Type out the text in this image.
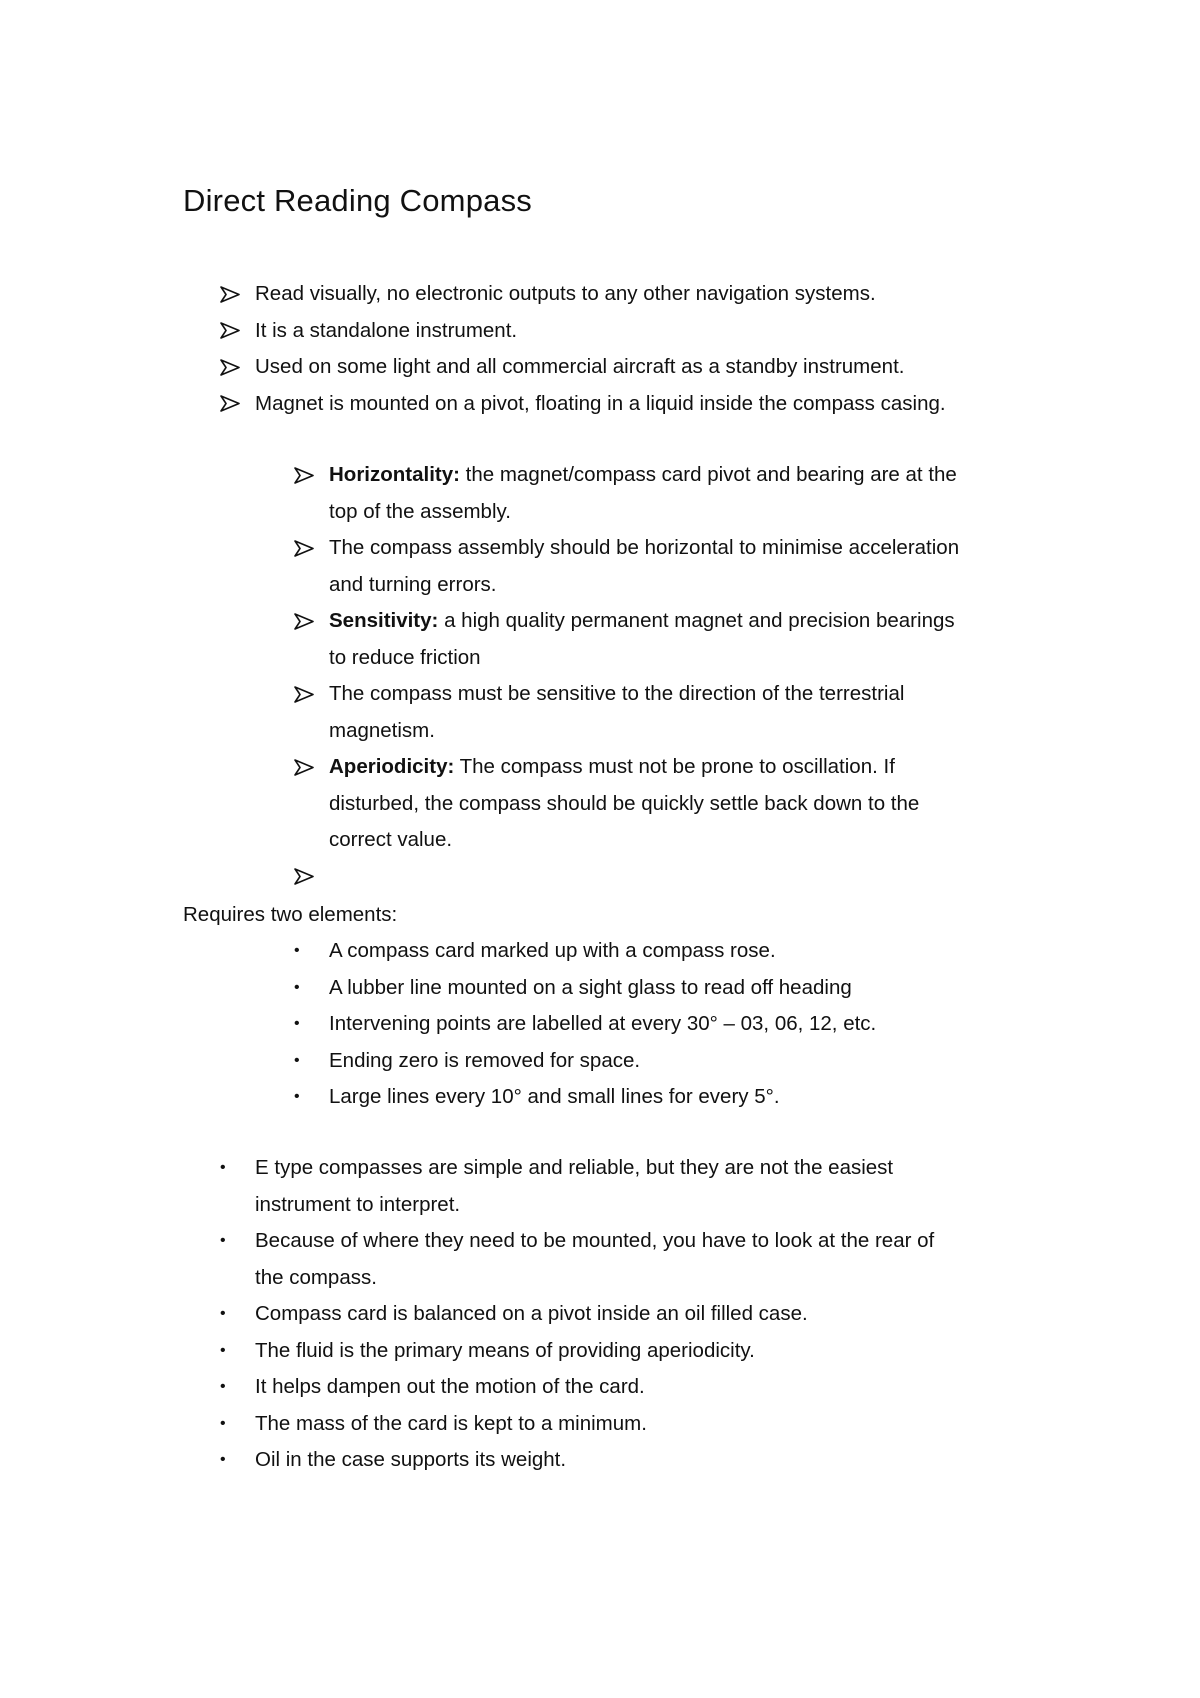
Direct Reading Compass
Read visually, no electronic outputs to any other navigation systems.
It is a standalone instrument.
Used on some light and all commercial aircraft as a standby instrument.
Magnet is mounted on a pivot, floating in a liquid inside the compass casing.
Horizontality: the magnet/compass card pivot and bearing are at the
top of the assembly.
The compass assembly should be horizontal to minimise acceleration
and turning errors.
Sensitivity: a high quality permanent magnet and precision bearings
to reduce friction
The compass must be sensitive to the direction of the terrestrial
magnetism.
Aperiodicity: The compass must not be prone to oscillation. If
disturbed, the compass should be quickly settle back down to the
correct value.

Requires two elements:

•	A compass card marked up with a compass rose.
•	A lubber line mounted on a sight glass to read off heading
•	Intervening points are labelled at every 30° – 03, 06, 12, etc.
•	Ending zero is removed for space.
•	Large lines every 10° and small lines for every 5°.
•	E type compasses are simple and reliable, but they are not the easiest
instrument to interpret.
•	Because of where they need to be mounted, you have to look at the rear of
the compass.
•	Compass card is balanced on a pivot inside an oil filled case.
•	The fluid is the primary means of providing aperiodicity.
•	It helps dampen out the motion of the card.
•	The mass of the card is kept to a minimum.
•	Oil in the case supports its weight.
